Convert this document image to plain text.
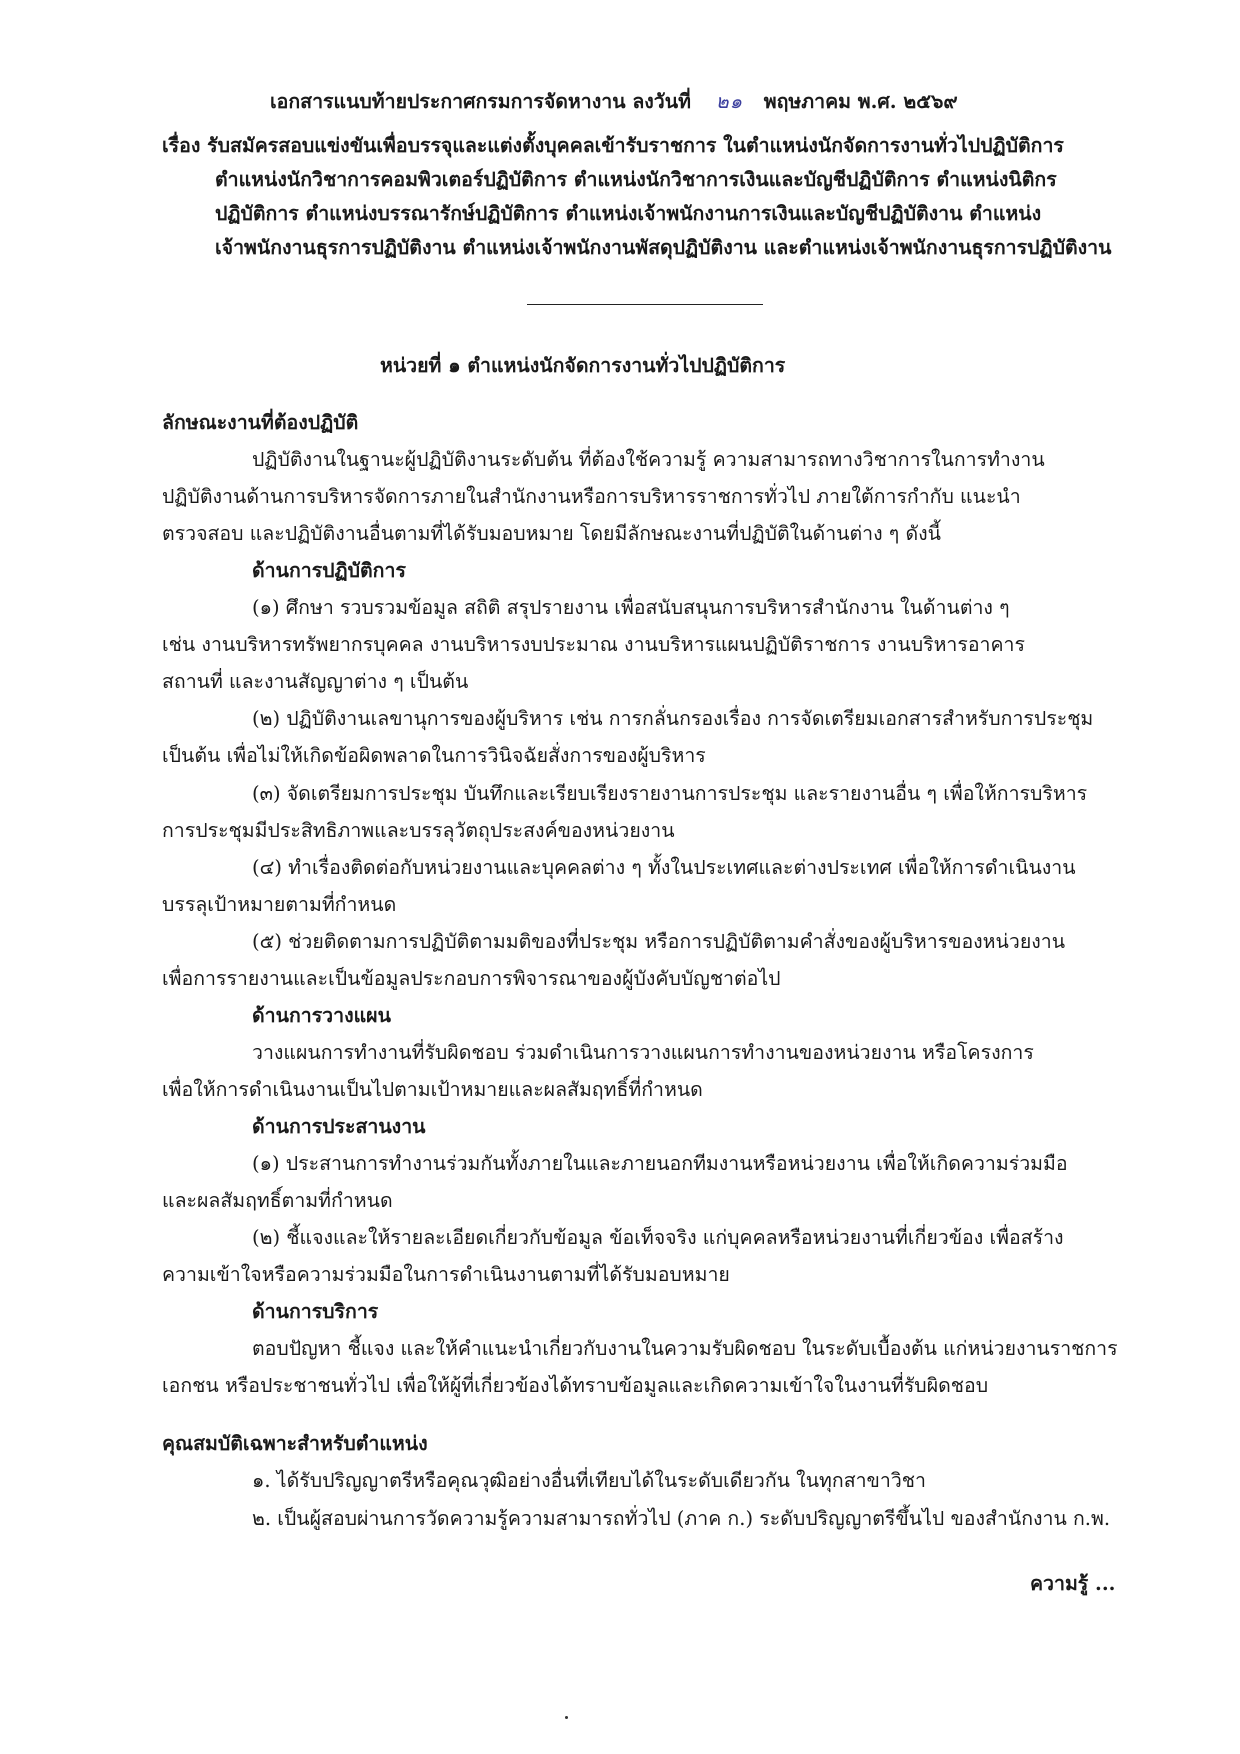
เอกสารแนบท้ายประกาศกรมการจัดหางาน ลงวันที่ ๒๑ พฤษภาคม พ.ศ. ๒๕๖๙
เรื่อง รับสมัครสอบแข่งขันเพื่อบรรจุและแต่งตั้งบุคคลเข้ารับราชการ ในตำแหน่งนักจัดการงานทั่วไปปฏิบัติการ
ตำแหน่งนักวิชาการคอมพิวเตอร์ปฏิบัติการ ตำแหน่งนักวิชาการเงินและบัญชีปฏิบัติการ ตำแหน่งนิติกร
ปฏิบัติการ ตำแหน่งบรรณารักษ์ปฏิบัติการ ตำแหน่งเจ้าพนักงานการเงินและบัญชีปฏิบัติงาน ตำแหน่ง
เจ้าพนักงานธุรการปฏิบัติงาน ตำแหน่งเจ้าพนักงานพัสดุปฏิบัติงาน และตำแหน่งเจ้าพนักงานธุรการปฏิบัติงาน
หน่วยที่ ๑ ตำแหน่งนักจัดการงานทั่วไปปฏิบัติการ
ลักษณะงานที่ต้องปฏิบัติ
ปฏิบัติงานในฐานะผู้ปฏิบัติงานระดับต้น ที่ต้องใช้ความรู้ ความสามารถทางวิชาการในการทำงาน
ปฏิบัติงานด้านการบริหารจัดการภายในสำนักงานหรือการบริหารราชการทั่วไป ภายใต้การกำกับ แนะนำ
ตรวจสอบ และปฏิบัติงานอื่นตามที่ได้รับมอบหมาย โดยมีลักษณะงานที่ปฏิบัติในด้านต่าง ๆ ดังนี้
ด้านการปฏิบัติการ
(๑) ศึกษา รวบรวมข้อมูล สถิติ สรุปรายงาน เพื่อสนับสนุนการบริหารสำนักงาน ในด้านต่าง ๆ
เช่น งานบริหารทรัพยากรบุคคล งานบริหารงบประมาณ งานบริหารแผนปฏิบัติราชการ งานบริหารอาคาร
สถานที่ และงานสัญญาต่าง ๆ เป็นต้น
(๒) ปฏิบัติงานเลขานุการของผู้บริหาร เช่น การกลั่นกรองเรื่อง การจัดเตรียมเอกสารสำหรับการประชุม
เป็นต้น เพื่อไม่ให้เกิดข้อผิดพลาดในการวินิจฉัยสั่งการของผู้บริหาร
(๓) จัดเตรียมการประชุม บันทึกและเรียบเรียงรายงานการประชุม และรายงานอื่น ๆ เพื่อให้การบริหาร
การประชุมมีประสิทธิภาพและบรรลุวัตถุประสงค์ของหน่วยงาน
(๔) ทำเรื่องติดต่อกับหน่วยงานและบุคคลต่าง ๆ ทั้งในประเทศและต่างประเทศ เพื่อให้การดำเนินงาน
บรรลุเป้าหมายตามที่กำหนด
(๕) ช่วยติดตามการปฏิบัติตามมติของที่ประชุม หรือการปฏิบัติตามคำสั่งของผู้บริหารของหน่วยงาน
เพื่อการรายงานและเป็นข้อมูลประกอบการพิจารณาของผู้บังคับบัญชาต่อไป
ด้านการวางแผน
วางแผนการทำงานที่รับผิดชอบ ร่วมดำเนินการวางแผนการทำงานของหน่วยงาน หรือโครงการ
เพื่อให้การดำเนินงานเป็นไปตามเป้าหมายและผลสัมฤทธิ์ที่กำหนด
ด้านการประสานงาน
(๑) ประสานการทำงานร่วมกันทั้งภายในและภายนอกทีมงานหรือหน่วยงาน เพื่อให้เกิดความร่วมมือ
และผลสัมฤทธิ์ตามที่กำหนด
(๒) ชี้แจงและให้รายละเอียดเกี่ยวกับข้อมูล ข้อเท็จจริง แก่บุคคลหรือหน่วยงานที่เกี่ยวข้อง เพื่อสร้าง
ความเข้าใจหรือความร่วมมือในการดำเนินงานตามที่ได้รับมอบหมาย
ด้านการบริการ
ตอบปัญหา ชี้แจง และให้คำแนะนำเกี่ยวกับงานในความรับผิดชอบ ในระดับเบื้องต้น แก่หน่วยงานราชการ
เอกชน หรือประชาชนทั่วไป เพื่อให้ผู้ที่เกี่ยวข้องได้ทราบข้อมูลและเกิดความเข้าใจในงานที่รับผิดชอบ
คุณสมบัติเฉพาะสำหรับตำแหน่ง
๑. ได้รับปริญญาตรีหรือคุณวุฒิอย่างอื่นที่เทียบได้ในระดับเดียวกัน ในทุกสาขาวิชา
๒. เป็นผู้สอบผ่านการวัดความรู้ความสามารถทั่วไป (ภาค ก.) ระดับปริญญาตรีขึ้นไป ของสำนักงาน ก.พ.
ความรู้ ...
